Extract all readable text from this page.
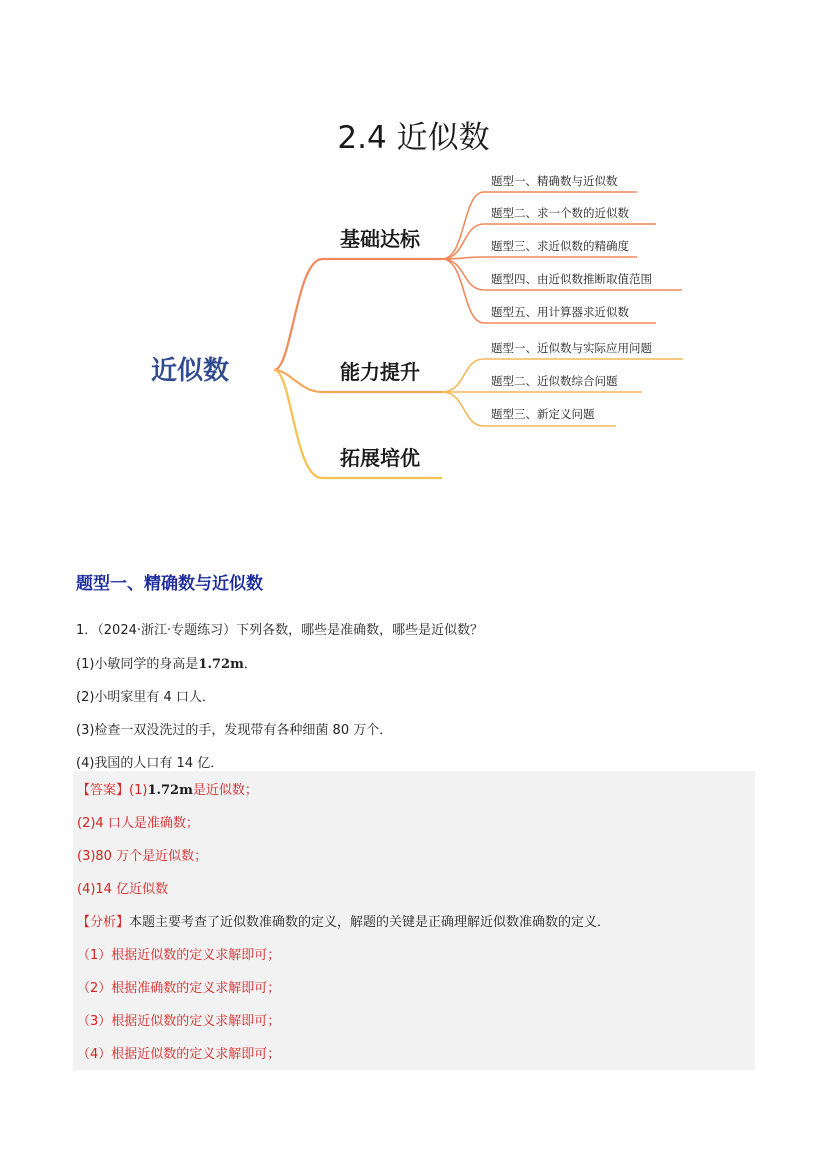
2.4 近似数
近似数
基础达标
能力提升
拓展培优
题型一、精确数与近似数
题型二、求一个数的近似数
题型三、求近似数的精确度
题型四、由近似数推断取值范围
题型五、用计算器求近似数
题型一、近似数与实际应用问题
题型二、近似数综合问题
题型三、新定义问题
题型一、精确数与近似数
1．（2024·浙江·专题练习）下列各数，哪些是准确数，哪些是近似数？
(1)小敏同学的身高是1.72m．
(2)小明家里有 4 口人．
(3)检查一双没洗过的手，发现带有各种细菌 80 万个．
(4)我国的人口有 14 亿．
【答案】(1)1.72m是近似数；
(2)4 口人是准确数；
(3)80 万个是近似数；
(4)14 亿近似数
【分析】本题主要考查了近似数准确数的定义，解题的关键是正确理解近似数准确数的定义．
（1）根据近似数的定义求解即可；
（2）根据准确数的定义求解即可；
（3）根据近似数的定义求解即可；
（4）根据近似数的定义求解即可；
